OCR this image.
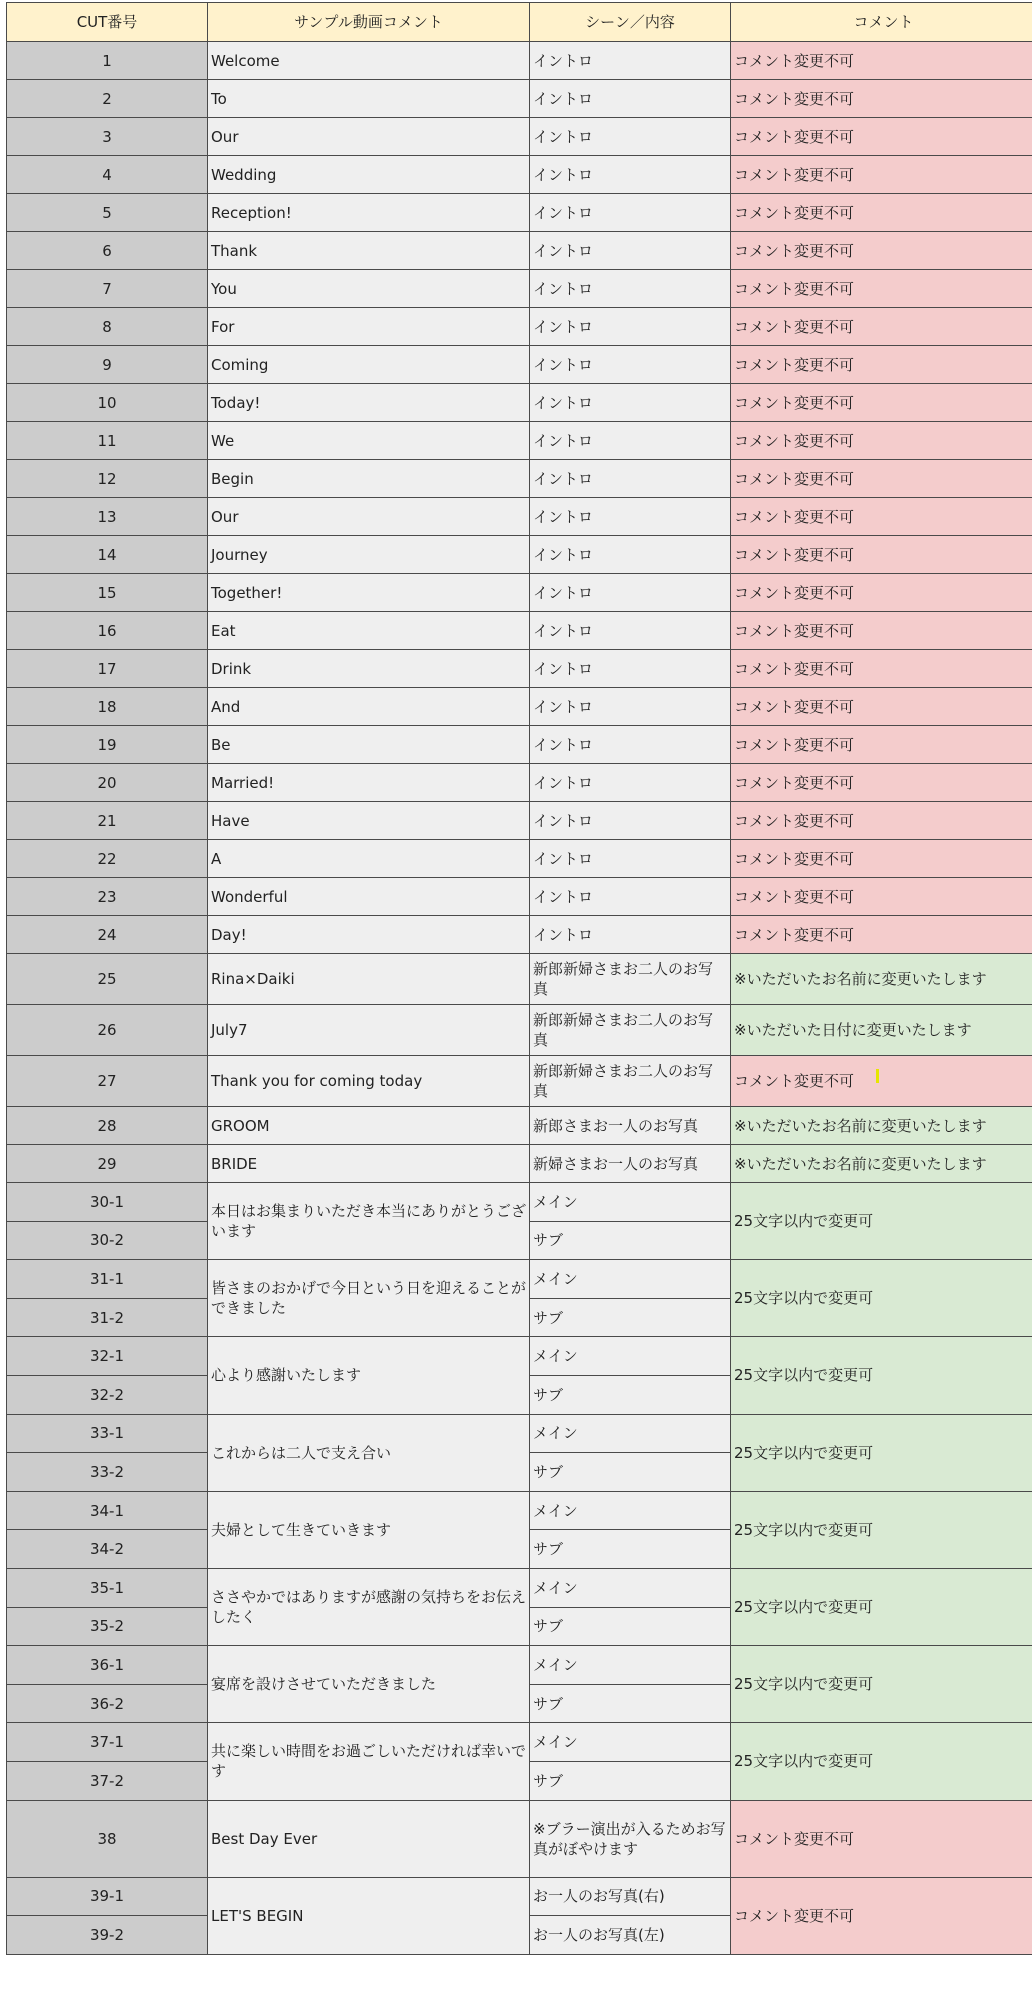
CUT番号	サンプル動画コメント	シーン／内容	コメント
1	Welcome	イントロ	コメント変更不可
2	To	イントロ	コメント変更不可
3	Our	イントロ	コメント変更不可
4	Wedding	イントロ	コメント変更不可
5	Reception!	イントロ	コメント変更不可
6	Thank	イントロ	コメント変更不可
7	You	イントロ	コメント変更不可
8	For	イントロ	コメント変更不可
9	Coming	イントロ	コメント変更不可
10	Today!	イントロ	コメント変更不可
11	We	イントロ	コメント変更不可
12	Begin	イントロ	コメント変更不可
13	Our	イントロ	コメント変更不可
14	Journey	イントロ	コメント変更不可
15	Together!	イントロ	コメント変更不可
16	Eat	イントロ	コメント変更不可
17	Drink	イントロ	コメント変更不可
18	And	イントロ	コメント変更不可
19	Be	イントロ	コメント変更不可
20	Married!	イントロ	コメント変更不可
21	Have	イントロ	コメント変更不可
22	A	イントロ	コメント変更不可
23	Wonderful	イントロ	コメント変更不可
24	Day!	イントロ	コメント変更不可
25	Rina×Daiki	新郎新婦さまお二人のお写真	※いただいたお名前に変更いたします
26	July7	新郎新婦さまお二人のお写真	※いただいた日付に変更いたします
27	Thank you for coming today	新郎新婦さまお二人のお写真	コメント変更不可
28	GROOM	新郎さまお一人のお写真	※いただいたお名前に変更いたします
29	BRIDE	新婦さまお一人のお写真	※いただいたお名前に変更いたします
30-1	本日はお集まりいただき本当にありがとうございます	メイン	25文字以内で変更可
30-2		サブ	
31-1	皆さまのおかげで今日という日を迎えることができました	メイン	25文字以内で変更可
31-2		サブ	
32-1	心より感謝いたします	メイン	25文字以内で変更可
32-2		サブ	
33-1	これからは二人で支え合い	メイン	25文字以内で変更可
33-2		サブ	
34-1	夫婦として生きていきます	メイン	25文字以内で変更可
34-2		サブ	
35-1	ささやかではありますが感謝の気持ちをお伝えしたく	メイン	25文字以内で変更可
35-2		サブ	
36-1	宴席を設けさせていただきました	メイン	25文字以内で変更可
36-2		サブ	
37-1	共に楽しい時間をお過ごしいただければ幸いです	メイン	25文字以内で変更可
37-2		サブ	
38	Best Day Ever	※ブラー演出が入るためお写真がぼやけます	コメント変更不可
39-1	LET'S BEGIN	お一人のお写真(右)	コメント変更不可
39-2		お一人のお写真(左)	
